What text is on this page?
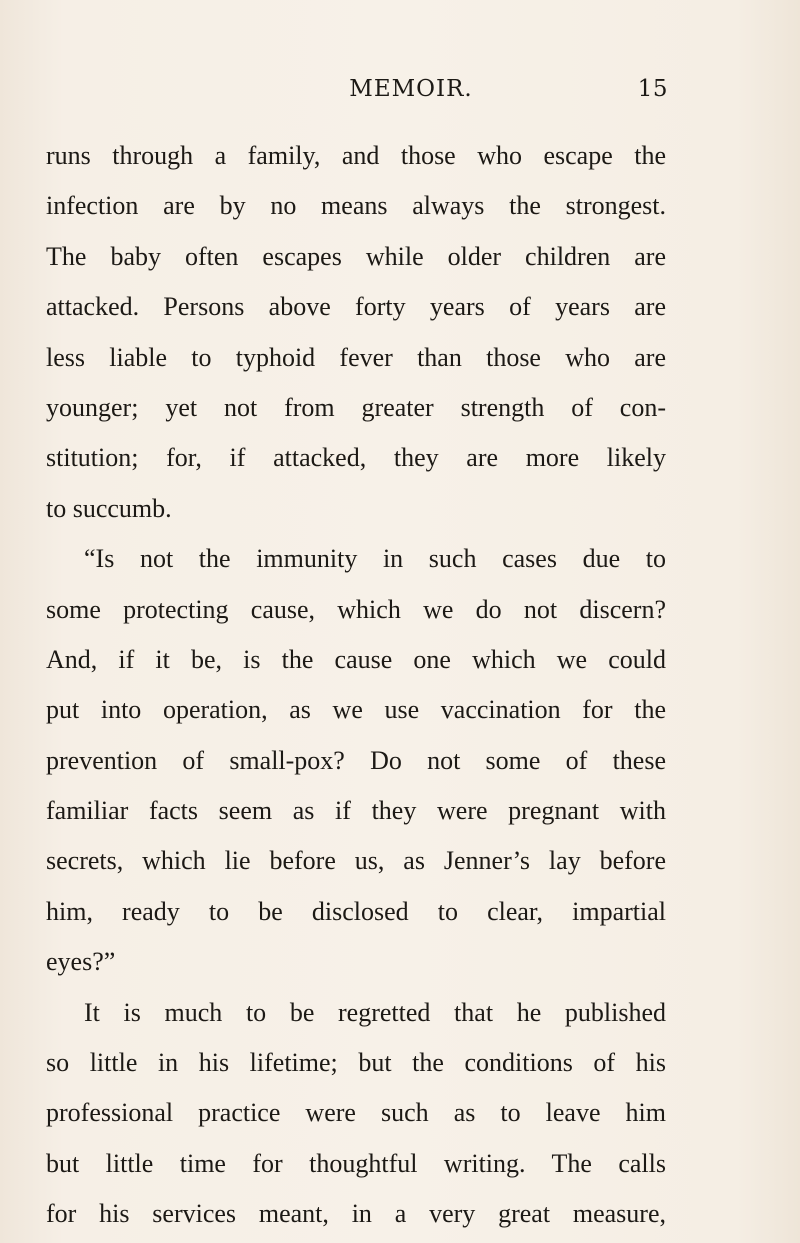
MEMOIR.	15
runs through a family, and those who escape the
infection are by no means always the strongest.
The baby often escapes while older children are
attacked. Persons above forty years of years are
less liable to typhoid fever than those who are
younger; yet not from greater strength of con-
stitution; for, if attacked, they are more likely
to succumb.
“Is not the immunity in such cases due to
some protecting cause, which we do not discern?
And, if it be, is the cause one which we could
put into operation, as we use vaccination for the
prevention of small-pox? Do not some of these
familiar facts seem as if they were pregnant with
secrets, which lie before us, as Jenner’s lay before
him, ready to be disclosed to clear, impartial
eyes?”
It is much to be regretted that he published
so little in his lifetime; but the conditions of his
professional practice were such as to leave him
but little time for thoughtful writing. The calls
for his services meant, in a very great measure,
